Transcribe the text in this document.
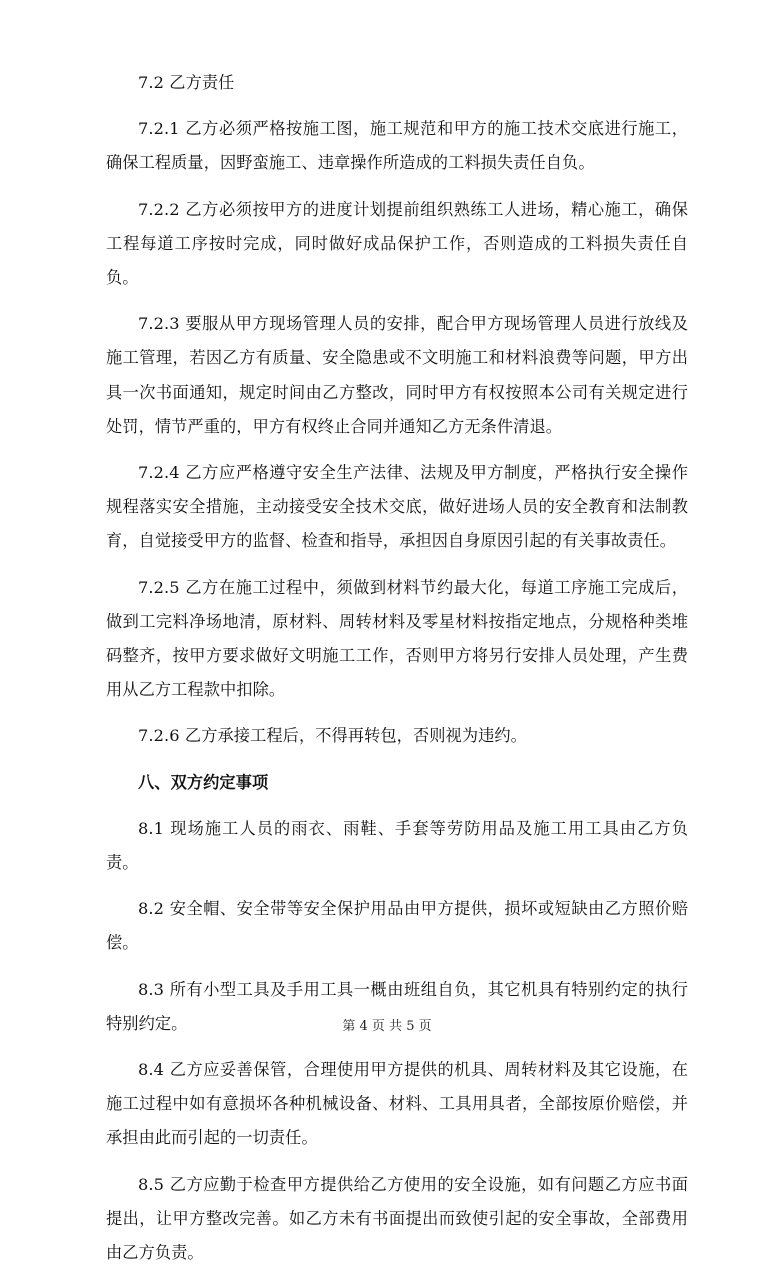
7.2 乙方责任

7.2.1 乙方必须严格按施工图，施工规范和甲方的施工技术交底进行施工，确保工程质量，因野蛮施工、违章操作所造成的工料损失责任自负。

7.2.2 乙方必须按甲方的进度计划提前组织熟练工人进场，精心施工，确保工程每道工序按时完成，同时做好成品保护工作，否则造成的工料损失责任自负。

7.2.3 要服从甲方现场管理人员的安排，配合甲方现场管理人员进行放线及施工管理，若因乙方有质量、安全隐患或不文明施工和材料浪费等问题，甲方出具一次书面通知，规定时间由乙方整改，同时甲方有权按照本公司有关规定进行处罚，情节严重的，甲方有权终止合同并通知乙方无条件清退。

7.2.4 乙方应严格遵守安全生产法律、法规及甲方制度，严格执行安全操作规程落实安全措施，主动接受安全技术交底，做好进场人员的安全教育和法制教育，自觉接受甲方的监督、检查和指导，承担因自身原因引起的有关事故责任。

7.2.5 乙方在施工过程中，须做到材料节约最大化，每道工序施工完成后，做到工完料净场地清，原材料、周转材料及零星材料按指定地点，分规格种类堆码整齐，按甲方要求做好文明施工工作，否则甲方将另行安排人员处理，产生费用从乙方工程款中扣除。

7.2.6 乙方承接工程后，不得再转包，否则视为违约。

八、双方约定事项

8.1 现场施工人员的雨衣、雨鞋、手套等劳防用品及施工用工具由乙方负责。

8.2 安全帽、安全带等安全保护用品由甲方提供，损坏或短缺由乙方照价赔偿。

8.3 所有小型工具及手用工具一概由班组自负，其它机具有特别约定的执行特别约定。

8.4 乙方应妥善保管，合理使用甲方提供的机具、周转材料及其它设施，在施工过程中如有意损坏各种机械设备、材料、工具用具者，全部按原价赔偿，并承担由此而引起的一切责任。

8.5 乙方应勤于检查甲方提供给乙方使用的安全设施，如有问题乙方应书面提出，让甲方整改完善。如乙方未有书面提出而致使引起的安全事故，全部费用由乙方负责。

第 4 页 共 5 页
